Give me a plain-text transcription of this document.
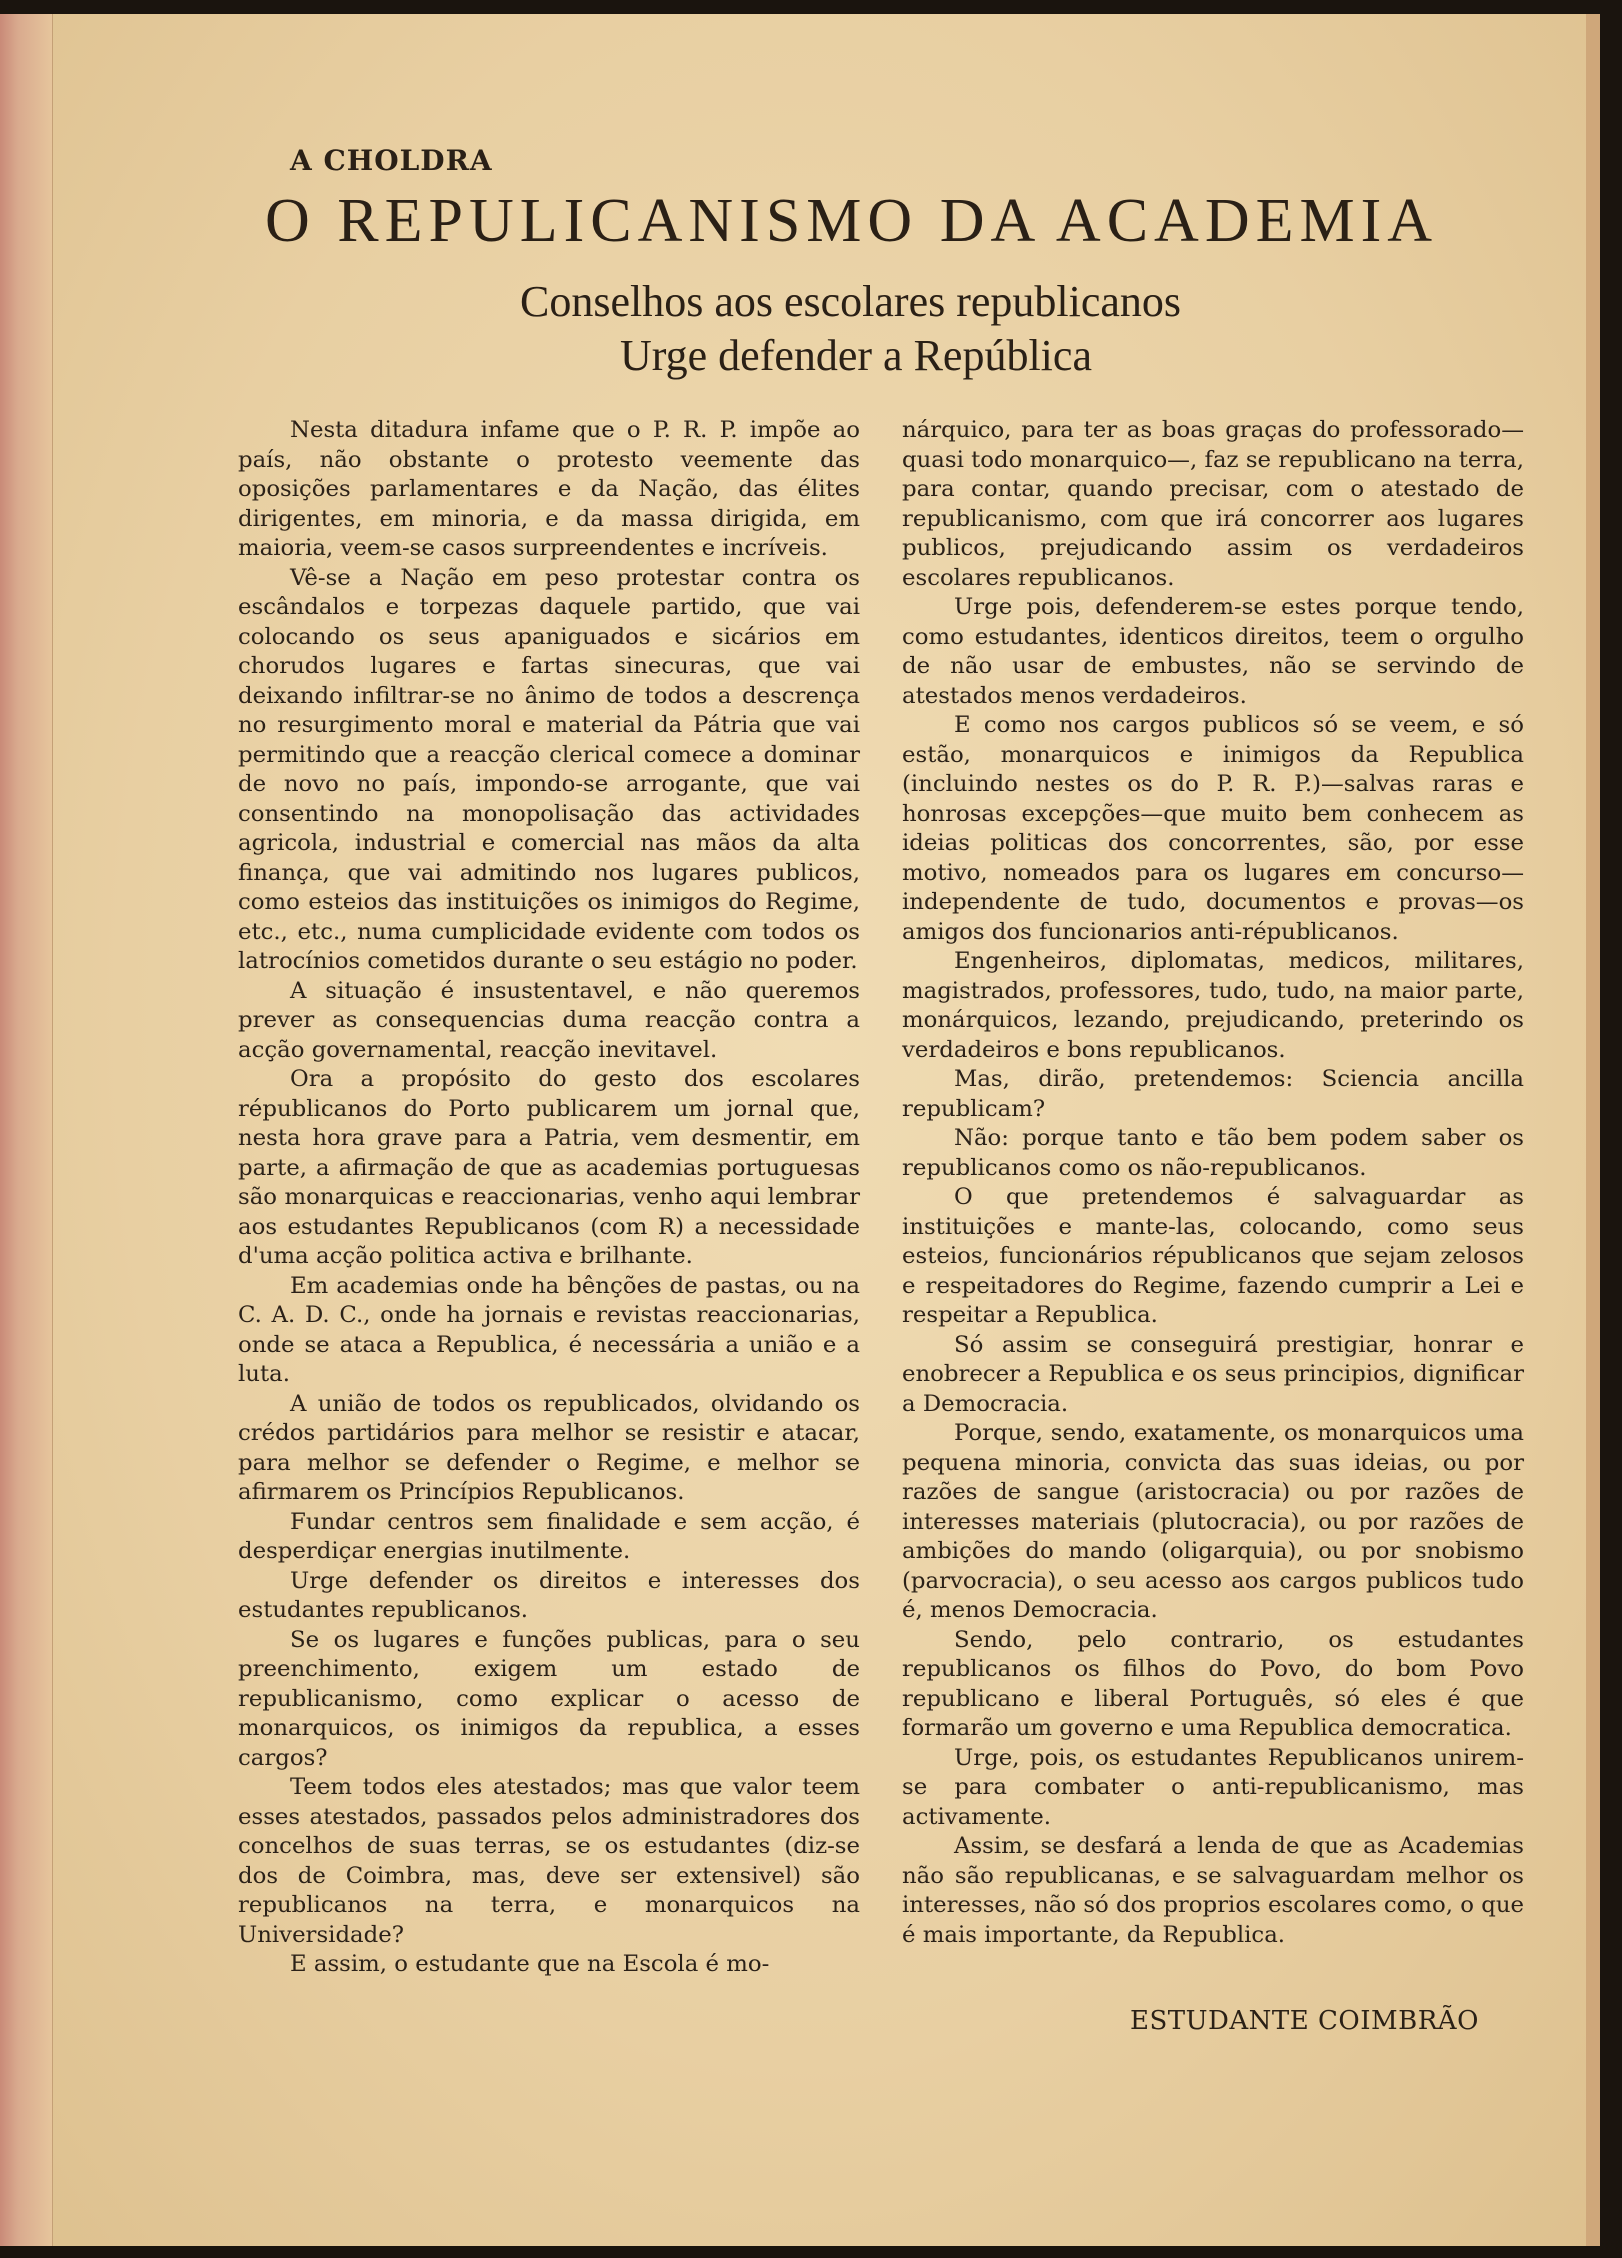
A CHOLDRA
O REPULICANISMO DA ACADEMIA
Conselhos aos escolares republicanos
Urge defender a República

Nesta ditadura infame que o P. R. P. impõe ao país, não obstante o protesto veemente das oposições parlamentares e da Nação, das élites dirigentes, em minoria, e da massa dirigida, em maioria, veem-se casos surpreendentes e incríveis.

Vê-se a Nação em peso protestar contra os escândalos e torpezas daquele partido, que vai colocando os seus apaniguados e sicários em chorudos lugares e fartas sinecuras, que vai deixando infiltrar-se no ânimo de todos a descrença no resurgimento moral e material da Pátria que vai permitindo que a reacção clerical comece a dominar de novo no país, impondo-se arrogante, que vai consentindo na monopolisação das actividades agricola, industrial e comercial nas mãos da alta finança, que vai admitindo nos lugares publicos, como esteios das instituições os inimigos do Regime, etc., etc., numa cumplicidade evidente com todos os latrocínios cometidos durante o seu estágio no poder.

A situação é insustentavel, e não queremos prever as consequencias duma reacção contra a acção governamental, reacção inevitavel.

Ora a propósito do gesto dos escolares républicanos do Porto publicarem um jornal que, nesta hora grave para a Patria, vem desmentir, em parte, a afirmação de que as academias portuguesas são monarquicas e reaccionarias, venho aqui lembrar aos estudantes Republicanos (com R) a necessidade d'uma acção politica activa e brilhante.

Em academias onde ha bênções de pastas, ou na C. A. D. C., onde ha jornais e revistas reaccionarias, onde se ataca a Republica, é necessária a união e a luta.

A união de todos os republicados, olvidando os crédos partidários para melhor se resistir e atacar, para melhor se defender o Regime, e melhor se afirmarem os Princípios Republicanos.

Fundar centros sem finalidade e sem acção, é desperdiçar energias inutilmente.

Urge defender os direitos e interesses dos estudantes republicanos.

Se os lugares e funções publicas, para o seu preenchimento, exigem um estado de republicanismo, como explicar o acesso de monarquicos, os inimigos da republica, a esses cargos?

Teem todos eles atestados; mas que valor teem esses atestados, passados pelos administradores dos concelhos de suas terras, se os estudantes (diz-se dos de Coimbra, mas, deve ser extensivel) são republicanos na terra, e monarquicos na Universidade?

E assim, o estudante que na Escola é mo-

nárquico, para ter as boas graças do professorado—quasi todo monarquico—, faz se republicano na terra, para contar, quando precisar, com o atestado de republicanismo, com que irá concorrer aos lugares publicos, prejudicando assim os verdadeiros escolares republicanos.

Urge pois, defenderem-se estes porque tendo, como estudantes, identicos direitos, teem o orgulho de não usar de embustes, não se servindo de atestados menos verdadeiros.

E como nos cargos publicos só se veem, e só estão, monarquicos e inimigos da Republica (incluindo nestes os do P. R. P.)—salvas raras e honrosas excepções—que muito bem conhecem as ideias politicas dos concorrentes, são, por esse motivo, nomeados para os lugares em concurso—independente de tudo, documentos e provas—os amigos dos funcionarios anti-républicanos.

Engenheiros, diplomatas, medicos, militares, magistrados, professores, tudo, tudo, na maior parte, monárquicos, lezando, prejudicando, preterindo os verdadeiros e bons republicanos.

Mas, dirão, pretendemos: Sciencia ancilla republicam?

Não: porque tanto e tão bem podem saber os republicanos como os não-republicanos.

O que pretendemos é salvaguardar as instituições e mante-las, colocando, como seus esteios, funcionários républicanos que sejam zelosos e respeitadores do Regime, fazendo cumprir a Lei e respeitar a Republica.

Só assim se conseguirá prestigiar, honrar e enobrecer a Republica e os seus principios, dignificar a Democracia.

Porque, sendo, exatamente, os monarquicos uma pequena minoria, convicta das suas ideias, ou por razões de sangue (aristocracia) ou por razões de interesses materiais (plutocracia), ou por razões de ambições do mando (oligarquia), ou por snobismo (parvocracia), o seu acesso aos cargos publicos tudo é, menos Democracia.

Sendo, pelo contrario, os estudantes republicanos os filhos do Povo, do bom Povo republicano e liberal Português, só eles é que formarão um governo e uma Republica democratica.

Urge, pois, os estudantes Republicanos unirem-se para combater o anti-republicanismo, mas activamente.

Assim, se desfará a lenda de que as Academias não são republicanas, e se salvaguardam melhor os interesses, não só dos proprios escolares como, o que é mais importante, da Republica.

ESTUDANTE COIMBRÃO
